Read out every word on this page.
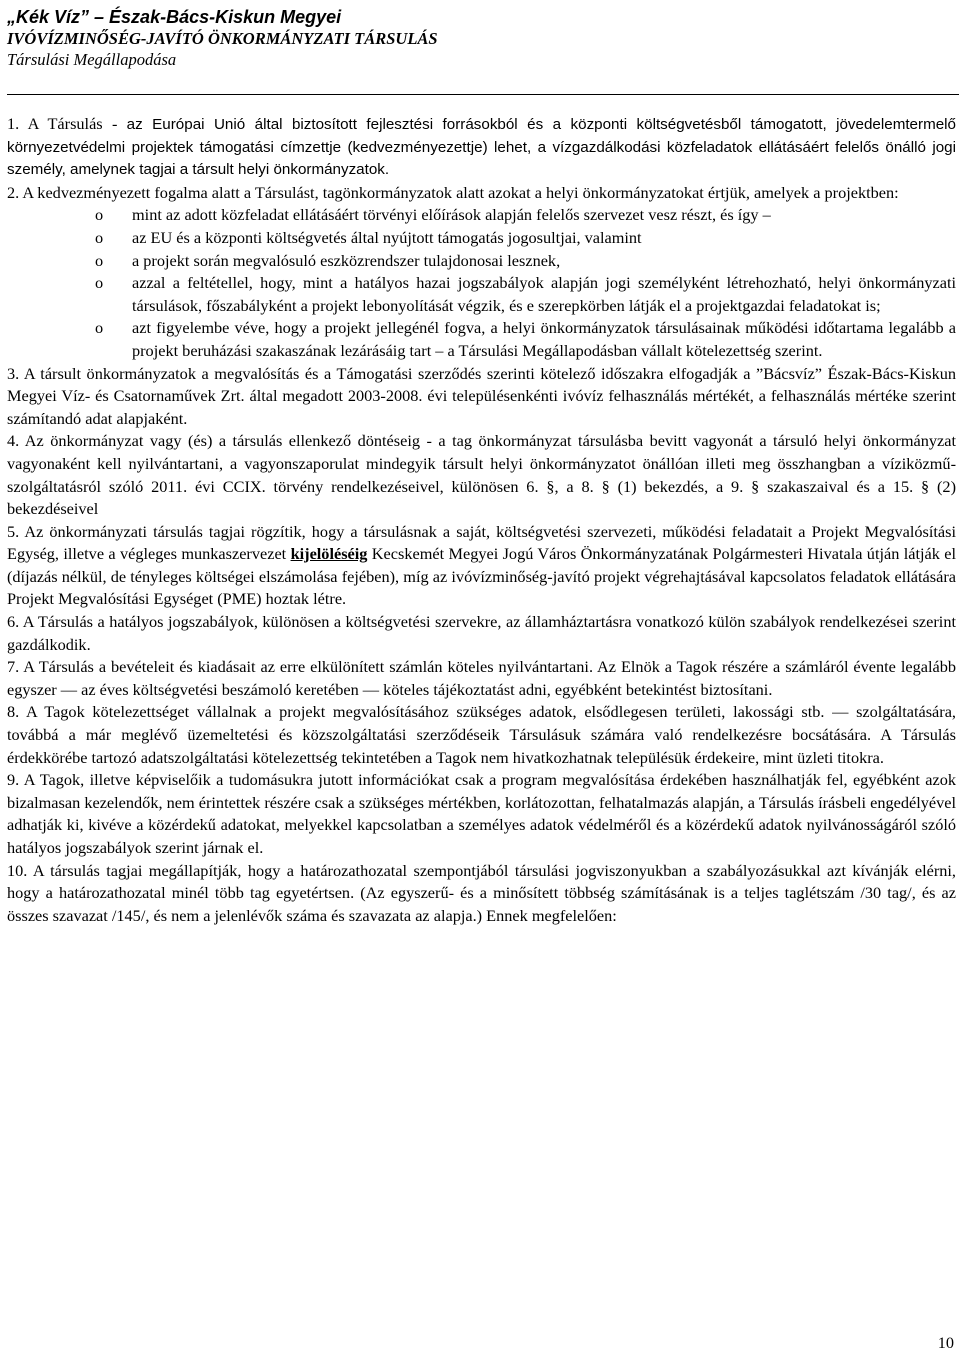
„Kék Víz” – Észak-Bács-Kiskun Megyei
IVÓVÍZMINŐSÉG-JAVÍTÓ ÖNKORMÁNYZATI TÁRSULÁS
Társulási Megállapodása

1. A Társulás - az Európai Unió által biztosított fejlesztési forrásokból és a központi költségvetésből támogatott, jövedelemtermelő környezetvédelmi projektek támogatási címzettje (kedvezményezettje) lehet, a vízgazdálkodási közfeladatok ellátásáért felelős önálló jogi személy, amelynek tagjai a társult helyi önkormányzatok.

2. A kedvezményezett fogalma alatt a Társulást, tagönkormányzatok alatt azokat a helyi önkormányzatokat értjük, amelyek a projektben:

o mint az adott közfeladat ellátásáért törvényi előírások alapján felelős szervezet vesz részt, és így –
o az EU és a központi költségvetés által nyújtott támogatás jogosultjai, valamint
o a projekt során megvalósuló eszközrendszer tulajdonosai lesznek,
o azzal a feltétellel, hogy, mint a hatályos hazai jogszabályok alapján jogi személyként létrehozható, helyi önkormányzati társulások, főszabályként a projekt lebonyolítását végzik, és e szerepkörben látják el a projektgazdai feladatokat is;
o azt figyelembe véve, hogy a projekt jellegénél fogva, a helyi önkormányzatok társulásainak működési időtartama legalább a projekt beruházási szakaszának lezárásáig tart – a Társulási Megállapodásban vállalt kötelezettség szerint.

3. A társult önkormányzatok a megvalósítás és a Támogatási szerződés szerinti kötelező időszakra elfogadják a ”Bácsvíz” Észak-Bács-Kiskun Megyei Víz- és Csatornaművek Zrt. által megadott 2003-2008. évi településenkénti ivóvíz felhasználás mértékét, a felhasználás mértéke szerint számítandó adat alapjaként.

4. Az önkormányzat vagy (és) a társulás ellenkező döntéseig - a tag önkormányzat társulásba bevitt vagyonát a társuló helyi önkormányzat vagyonaként kell nyilvántartani, a vagyonszaporulat mindegyik társult helyi önkormányzatot önállóan illeti meg összhangban a víziközmű-szolgáltatásról szóló 2011. évi CCIX. törvény rendelkezéseivel, különösen 6. §, a 8. § (1) bekezdés, a 9. § szakaszaival és a 15. § (2) bekezdéseivel

5. Az önkormányzati társulás tagjai rögzítik, hogy a társulásnak a saját, költségvetési szervezeti, működési feladatait a Projekt Megvalósítási Egység, illetve a végleges munkaszervezet kijelöléséig Kecskemét Megyei Jogú Város Önkormányzatának Polgármesteri Hivatala útján látják el (díjazás nélkül, de tényleges költségei elszámolása fejében), míg az ivóvízminőség-javító projekt végrehajtásával kapcsolatos feladatok ellátására Projekt Megvalósítási Egységet (PME) hoztak létre.

6. A Társulás a hatályos jogszabályok, különösen a költségvetési szervekre, az államháztartásra vonatkozó külön szabályok rendelkezései szerint gazdálkodik.

7. A Társulás a bevételeit és kiadásait az erre elkülönített számlán köteles nyilvántartani. Az Elnök a Tagok részére a számláról évente legalább egyszer — az éves költségvetési beszámoló keretében — köteles tájékoztatást adni, egyébként betekintést biztosítani.

8. A Tagok kötelezettséget vállalnak a projekt megvalósításához szükséges adatok, elsődlegesen területi, lakossági stb. — szolgáltatására, továbbá a már meglévő üzemeltetési és közszolgáltatási szerződéseik Társulásuk számára való rendelkezésre bocsátására. A Társulás érdekkörébe tartozó adatszolgáltatási kötelezettség tekintetében a Tagok nem hivatkozhatnak településük érdekeire, mint üzleti titokra.

9. A Tagok, illetve képviselőik a tudomásukra jutott információkat csak a program megvalósítása érdekében használhatják fel, egyébként azok bizalmasan kezelendők, nem érintettek részére csak a szükséges mértékben, korlátozottan, felhatalmazás alapján, a Társulás írásbeli engedélyével adhatják ki, kivéve a közérdekű adatokat, melyekkel kapcsolatban a személyes adatok védelméről és a közérdekű adatok nyilvánosságáról szóló hatályos jogszabályok szerint járnak el.

10. A társulás tagjai megállapítják, hogy a határozathozatal szempontjából társulási jogviszonyukban a szabályozásukkal azt kívánják elérni, hogy a határozathozatal minél több tag egyetértsen. (Az egyszerű- és a minősített többség számításának is a teljes taglétszám /30 tag/, és az összes szavazat /145/, és nem a jelenlévők száma és szavazata az alapja.) Ennek megfelelően:

10
